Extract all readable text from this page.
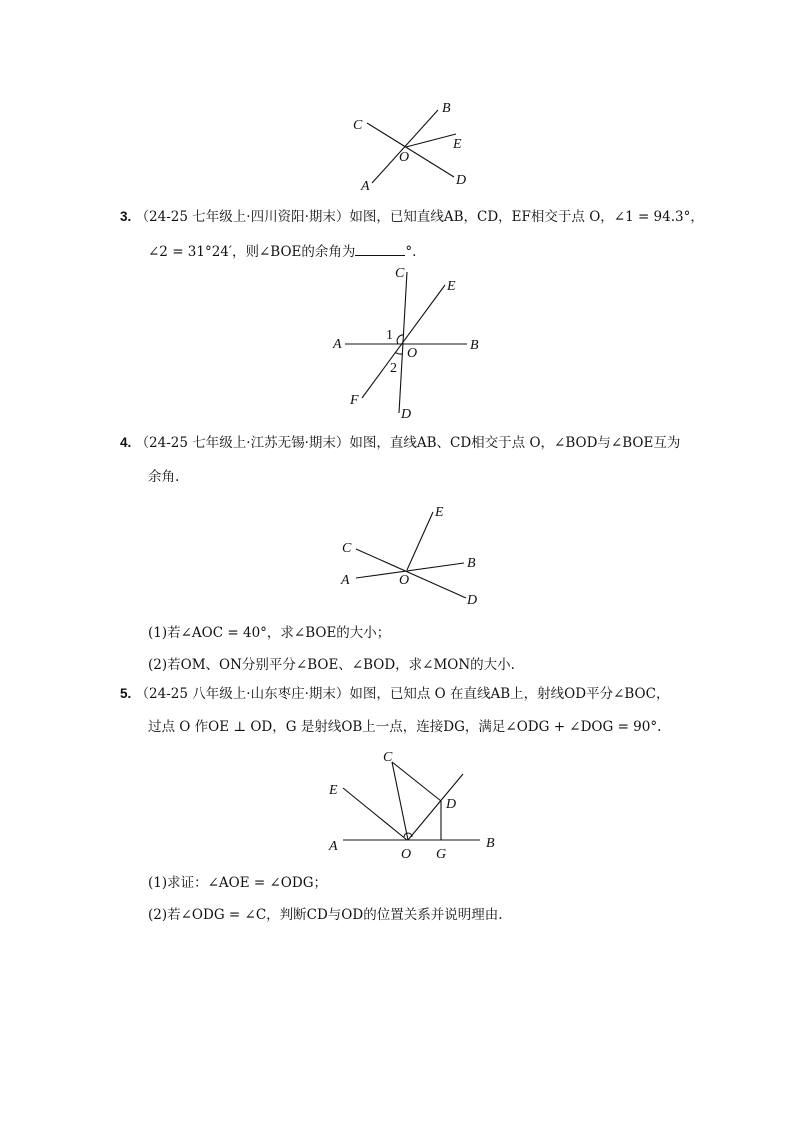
C
B
E
O
A	D
3. （24-25 七年级上·四川资阳·期末）如图，已知直线AB，CD，EF相交于点 O，∠1 = 94.3°，
∠2 = 31°24′，则∠BOE的余角为	°.
C
E
1
A
O
B
2
F
D
4. （24-25 七年级上·江苏无锡·期末）如图，直线AB、CD相交于点 O，∠BOD与∠BOE互为
余角.
E
C
B
A	O
D
(1)若∠AOC = 40°，求∠BOE的大小；
(2)若OM、ON分别平分∠BOE、∠BOD，求∠MON的大小.
5. （24-25 八年级上·山东枣庄·期末）如图，已知点 O 在直线AB上，射线OD平分∠BOC，
过点 O 作OE ⊥ OD，G 是射线OB上一点，连接DG，满足∠ODG + ∠DOG = 90°.
C
E
D
A	B
O G
(1)求证：∠AOE = ∠ODG；
(2)若∠ODG = ∠C，判断CD与OD的位置关系并说明理由.
